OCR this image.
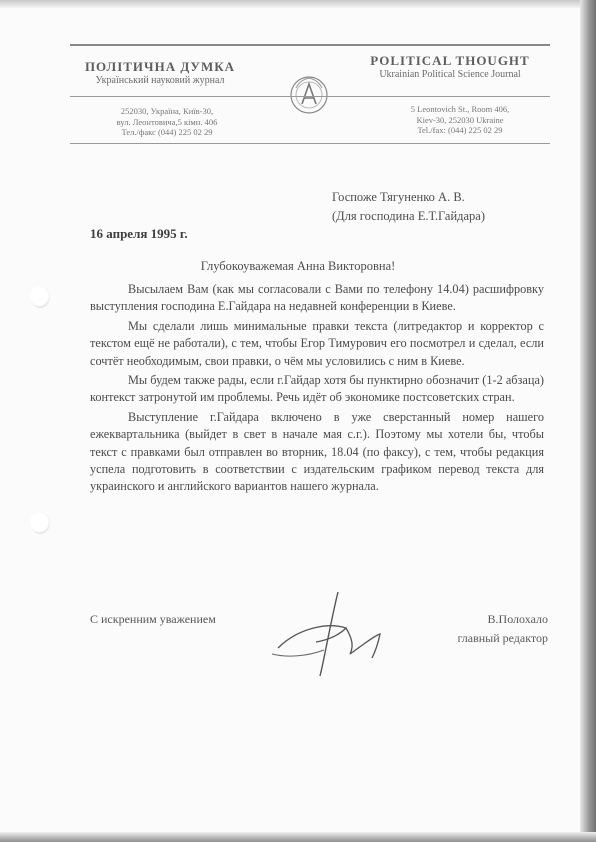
ПОЛІТИЧНА ДУМКА
Український науковий журнал
POLITICAL THOUGHT
Ukrainian Political Science Journal
252030, Україна, Київ-30,
вул. Леонтовича,5 кімн. 406
Тел./факс (044) 225 02 29
5 Leontovich St., Room 406,
Kiev-30, 252030 Ukraine
Tel./fax: (044) 225 02 29
Госпоже Тягуненко А. В.
(Для господина Е.Т.Гайдара)
16 апреля 1995 г.
Глубокоуважемая Анна Викторовна!

Высылаем Вам (как мы согласовали с Вами по телефону 14.04) расшифровку выступления господина Е.Гайдара на недавней конференции в Киеве.

Мы сделали лишь минимальные правки текста (литредактор и корректор с текстом ещё не работали), с тем, чтобы Егор Тимурович его посмотрел и сделал, если сочтёт необходимым, свои правки, о чём мы условились с ним в Киеве.

Мы будем также рады, если г.Гайдар хотя бы пунктирно обозначит (1-2 абзаца) контекст затронутой им проблемы. Речь идёт об экономике постсоветских стран.

Выступление г.Гайдара включено в уже сверстанный номер нашего ежеквартальника (выйдет в свет в начале мая с.г.). Поэтому мы хотели бы, чтобы текст с правками был отправлен во вторник, 18.04 (по факсу), с тем, чтобы редакция успела подготовить в соответствии с издательским графиком перевод текста для украинского и английского вариантов нашего журнала.

С искренним уважением	В.Полохало
главный редактор
